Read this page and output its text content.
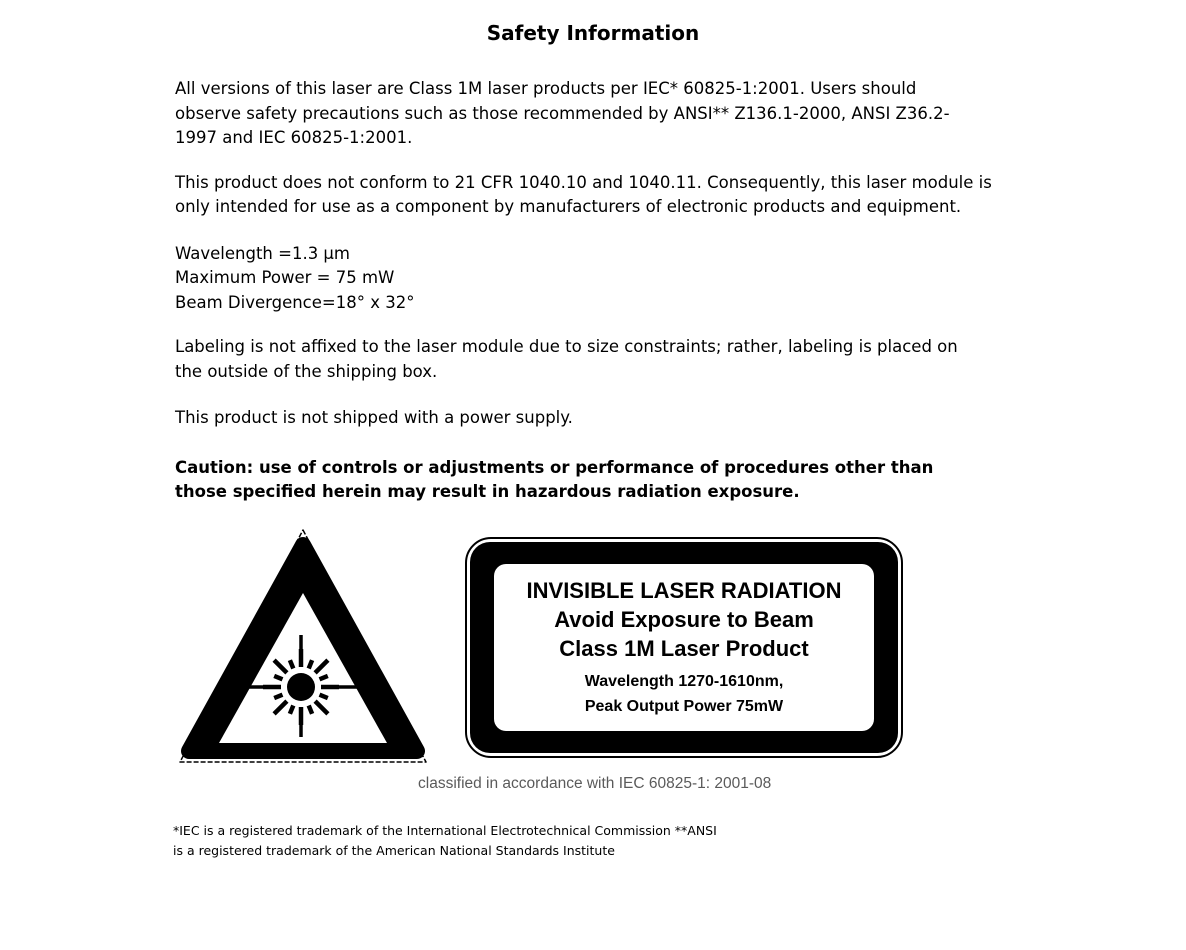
Safety Information
All versions of this laser are Class 1M laser products per IEC* 60825-1:2001. Users should
observe safety precautions such as those recommended by ANSI** Z136.1-2000, ANSI Z36.2-
1997 and IEC 60825-1:2001.
This product does not conform to 21 CFR 1040.10 and 1040.11. Consequently, this laser module is
only intended for use as a component by manufacturers of electronic products and equipment.
Wavelength =1.3 µm
Maximum Power = 75 mW
Beam Divergence=18° x 32°
Labeling is not affixed to the laser module due to size constraints; rather, labeling is placed on
the outside of the shipping box.
This product is not shipped with a power supply.
Caution: use of controls or adjustments or performance of procedures other than
those specified herein may result in hazardous radiation exposure.
INVISIBLE LASER RADIATION
Avoid Exposure to Beam
Class 1M Laser Product
Wavelength 1270-1610nm,
Peak Output Power 75mW
classified in accordance with IEC 60825-1: 2001-08
*IEC is a registered trademark of the International Electrotechnical Commission **ANSI
is a registered trademark of the American National Standards Institute
